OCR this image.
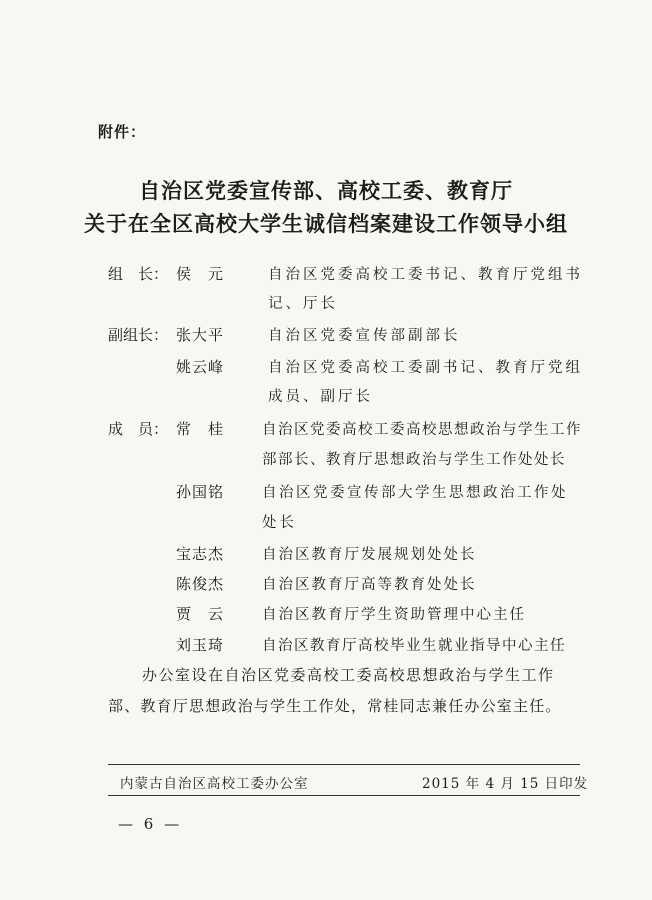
附件：
自治区党委宣传部、高校工委、教育厅
关于在全区高校大学生诚信档案建设工作领导小组
组　长： 侯　元	自治区党委高校工委书记、教育厅党组书
记、厅长
副组长： 张大平	自治区党委宣传部副部长
姚云峰	自治区党委高校工委副书记、教育厅党组
成员、副厅长
成　员： 常　桂	自治区党委高校工委高校思想政治与学生工作
部部长、教育厅思想政治与学生工作处处长
孙国铭	自治区党委宣传部大学生思想政治工作处
处长
宝志杰	自治区教育厅发展规划处处长
陈俊杰	自治区教育厅高等教育处处长
贾　云	自治区教育厅学生资助管理中心主任
刘玉琦	自治区教育厅高校毕业生就业指导中心主任
办公室设在自治区党委高校工委高校思想政治与学生工作
部、教育厅思想政治与学生工作处，常桂同志兼任办公室主任。
内蒙古自治区高校工委办公室	2015 年 4 月 15 日印发
— 6 —
